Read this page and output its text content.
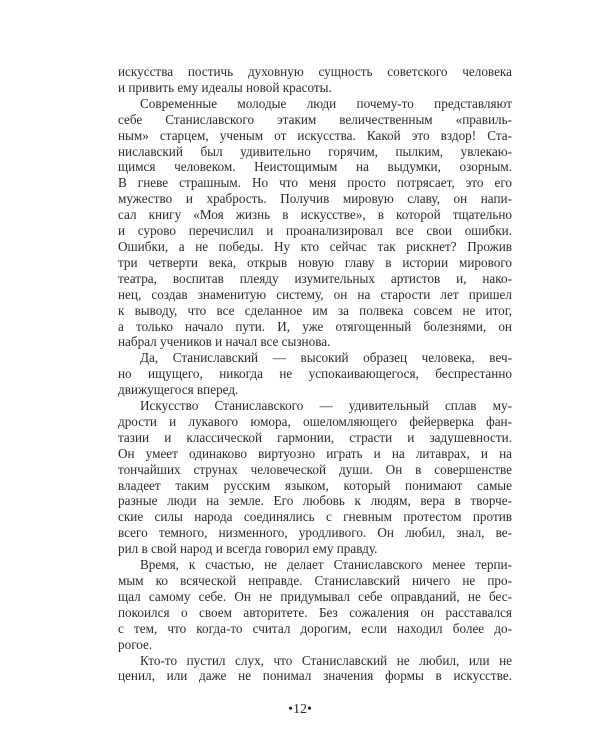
искусства постичь духовную сущность советского человека
и привить ему идеалы новой красоты.
Современные молодые люди почему-то представляют
себе Станиславского этаким величественным «правиль-
ным» старцем, ученым от искусства. Какой это вздор! Ста-
ниславский был удивительно горячим, пылким, увлекаю-
щимся человеком. Неистощимым на выдумки, озорным.
В гневе страшным. Но что меня просто потрясает, это его
мужество и храбрость. Получив мировую славу, он напи-
сал книгу «Моя жизнь в искусстве», в которой тщательно
и сурово перечислил и проанализировал все свои ошибки.
Ошибки, а не победы. Ну кто сейчас так рискнет? Прожив
три четверти века, открыв новую главу в истории мирового
театра, воспитав плеяду изумительных артистов и, нако-
нец, создав знаменитую систему, он на старости лет пришел
к выводу, что все сделанное им за полвека совсем не итог,
а только начало пути. И, уже отягощенный болезнями, он
набрал учеников и начал все сызнова.
Да, Станиславский — высокий образец человека, веч-
но ищущего, никогда не успокаивающегося, беспрестанно
движущегося вперед.
Искусство Станиславского — удивительный сплав му-
дрости и лукавого юмора, ошеломляющего фейерверка фан-
тазии и классической гармонии, страсти и задушевности.
Он умеет одинаково виртуозно играть и на литаврах, и на
тончайших струнах человеческой души. Он в совершенстве
владеет таким русским языком, который понимают самые
разные люди на земле. Его любовь к людям, вера в творче-
ские силы народа соединялись с гневным протестом против
всего темного, низменного, уродливого. Он любил, знал, ве-
рил в свой народ и всегда говорил ему правду.
Время, к счастью, не делает Станиславского менее терпи-
мым ко всяческой неправде. Станиславский ничего не про-
щал самому себе. Он не придумывал себе оправданий, не бес-
покоился о своем авторитете. Без сожаления он расставался
с тем, что когда-то считал дорогим, если находил более до-
рогое.
Кто-то пустил слух, что Станиславский не любил, или не
ценил, или даже не понимал значения формы в искусстве.
•12•
